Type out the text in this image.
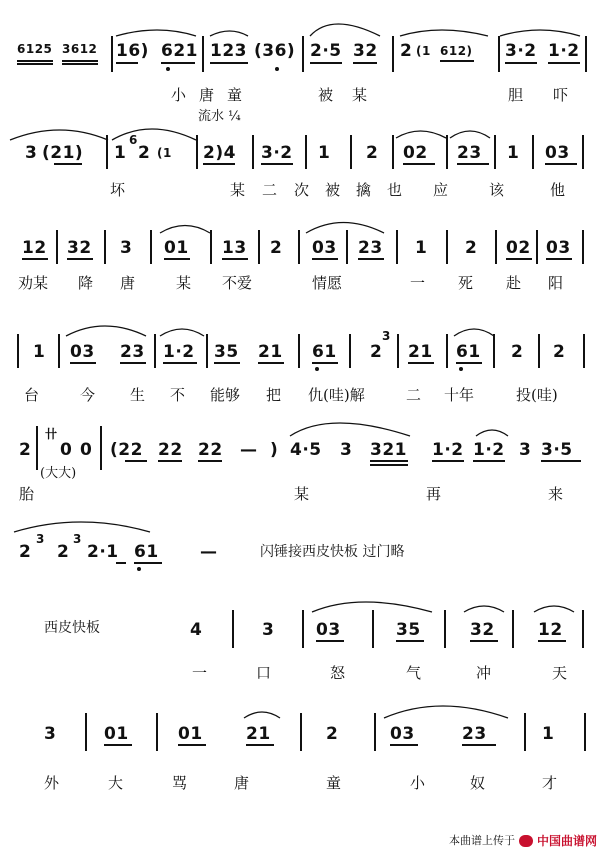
6125 3612 16) 621 123 (36) 2·5 32 2 (1 612) 3·2 1·2
小 唐 童	被 某	胆 吓
流水 ¼
3 (21) 1
6
2 (1 2)4 3·2 1 2 02 23 1 03
坏	某 二 次 被 擒 也 应	该	他
12 32 3 01 13 2 03 23 1 2 02 03
劝某 降 唐	某 不爱	情愿	一 死 赴 阳
1 03 23 1·2 35 21 61 2
3
21 61 2 2
台	今 生 不 能够 把 仇(哇)解	二 十年	投(哇)
2
卄
0 0
(大大)
(22 22 22 — ) 4·5 3 321 1·2 1·2 3 3·5
胎	某	再	来
2
3
2
3
2·1 61 —	闪锤接西皮快板 过门略
西皮快板	4	3 03	35	32	12
一	口	怒	气	冲	天
3	01	01	21	2	03	23	1
外	大	骂	唐	童	小	奴	才
本曲谱上传于 中国曲谱网
